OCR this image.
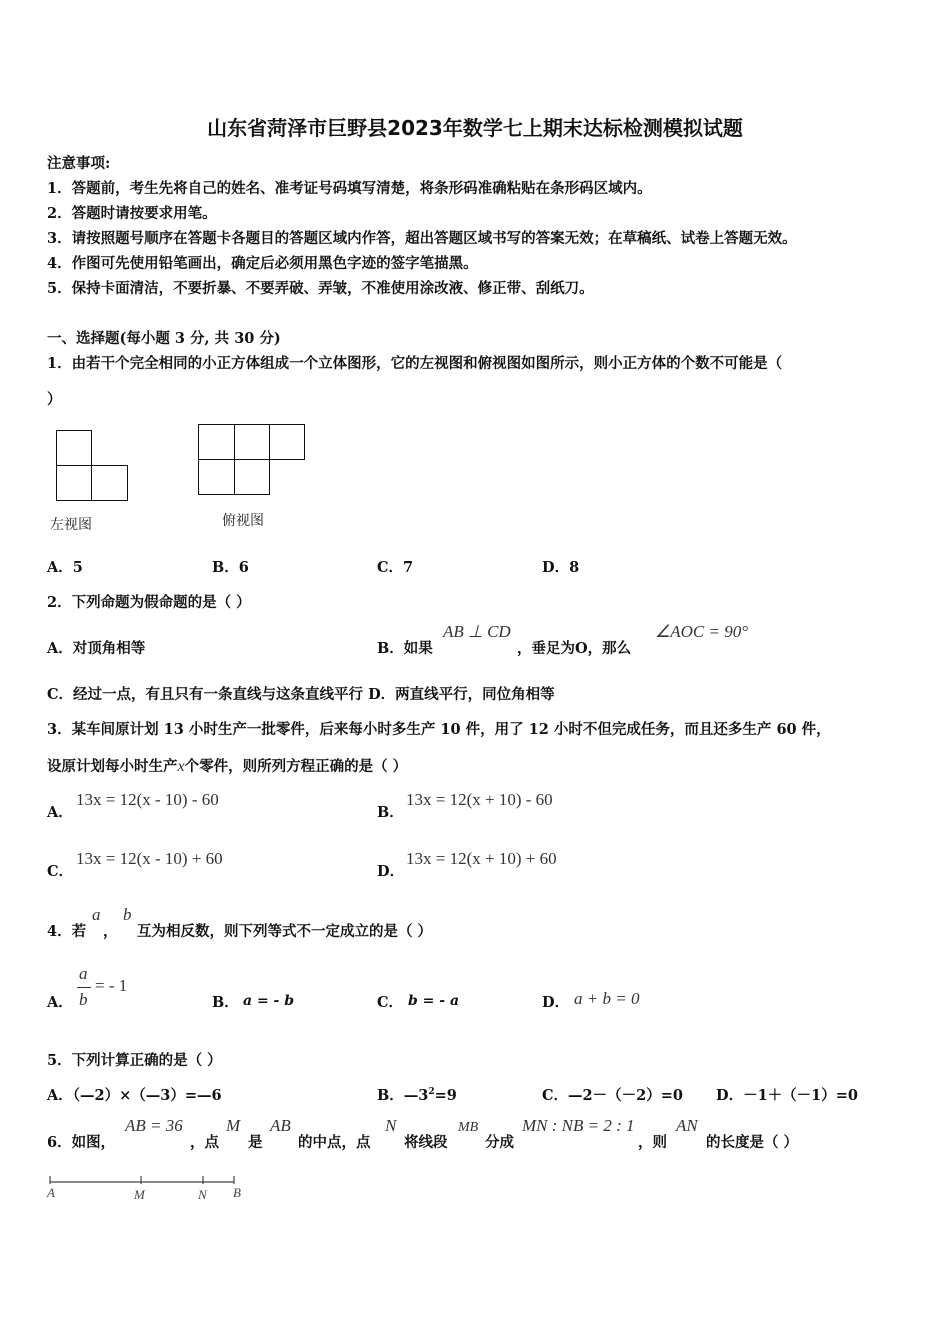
山东省菏泽市巨野县2023年数学七上期末达标检测模拟试题
注意事项:
1．答题前，考生先将自己的姓名、准考证号码填写清楚，将条形码准确粘贴在条形码区域内。
2．答题时请按要求用笔。
3．请按照题号顺序在答题卡各题目的答题区域内作答，超出答题区域书写的答案无效；在草稿纸、试卷上答题无效。
4．作图可先使用铅笔画出，确定后必须用黑色字迹的签字笔描黑。
5．保持卡面清洁，不要折暴、不要弄破、弄皱，不准使用涂改液、修正带、刮纸刀。
一、选择题(每小题 3 分, 共 30 分)
1．由若干个完全相同的小正方体组成一个立体图形，它的左视图和俯视图如图所示，则小正方体的个数不可能是（
）
左视图	俯视图
A．5	B．6	C．7	D．8
2．下列命题为假命题的是（ ）
A．对顶角相等	B．如果
AB ⊥ CD
，垂足为O，那么
∠AOC = 90°
C．经过一点，有且只有一条直线与这条直线平行 D．两直线平行，同位角相等
3．某车间原计划 13 小时生产一批零件，后来每小时多生产 10 件，用了 12 小时不但完成任务，而且还多生产 60 件，
设原计划每小时生产x个零件，则所列方程正确的是（ ）
A．
13x = 12(x - 10) - 60
B．
13x = 12(x + 10) - 60
C．
13x = 12(x - 10) + 60
D．
13x = 12(x + 10) + 60
4．若
a
，
b
互为相反数，则下列等式不一定成立的是（ ）
A．
a
b
= - 1
B． a = - b	C． b = - a	D． a + b = 0
5．下列计算正确的是（ ）
A．（—2）×（—3）=—6	B．$—3^2=9$	C．—2－（－2）=0 D．－1＋（－1）=0
6．如图，
AB = 36
，点
M
是
AB
的中点，点
N
将线段
MB
分成
MN : NB = 2 : 1
，则
AN
的长度是（ ）
A	M	N B
